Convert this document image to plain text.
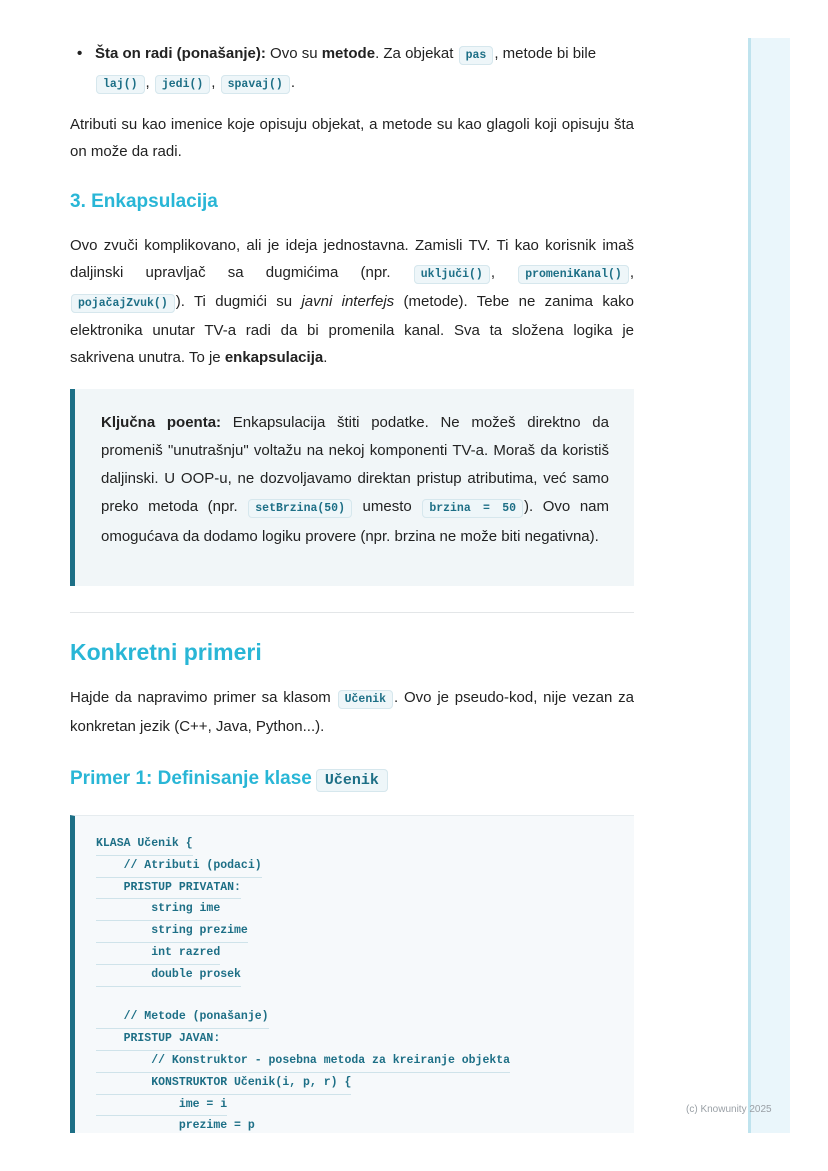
• Šta on radi (ponašanje): Ovo su metode. Za objekat pas , metode bi bile
laj() , jedi() , spavaj() .

Atributi su kao imenice koje opisuju objekat, a metode su kao glagoli koji opisuju šta on može da radi.

3. Enkapsulacija

Ovo zvuči komplikovano, ali je ideja jednostavna. Zamisli TV. Ti kao korisnik imaš daljinski upravljač sa dugmićima (npr. uključi() , promeniKanal() , pojačajZvuk() ). Ti dugmići su javni interfejs (metode). Tebe ne zanima kako elektronika unutar TV-a radi da bi promenila kanal. Sva ta složena logika je sakrivena unutra. To je enkapsulacija.

Ključna poenta: Enkapsulacija štiti podatke. Ne možeš direktno da promeniš "unutrašnju" voltažu na nekoj komponenti TV-a. Moraš da koristiš daljinski. U OOP-u, ne dozvoljavamo direktan pristup atributima, već samo preko metoda (npr. setBrzina(50) umesto brzina = 50 ). Ovo nam omogućava da dodamo logiku provere (npr. brzina ne može biti negativna).

Konkretni primeri

Hajde da napravimo primer sa klasom Učenik . Ovo je pseudo-kod, nije vezan za konkretan jezik (C++, Java, Python...).

Primer 1: Definisanje klase Učenik
KLASA Učenik {
// Atributi (podaci)
PRISTUP PRIVATAN:
string ime
string prezime
int razred
double prosek
// Metode (ponašanje)
PRISTUP JAVAN:
// Konstruktor - posebna metoda za kreiranje objekta
KONSTRUKTOR Učenik(i, p, r) {
ime = i
prezime = p
(c) Knowunity 2025
